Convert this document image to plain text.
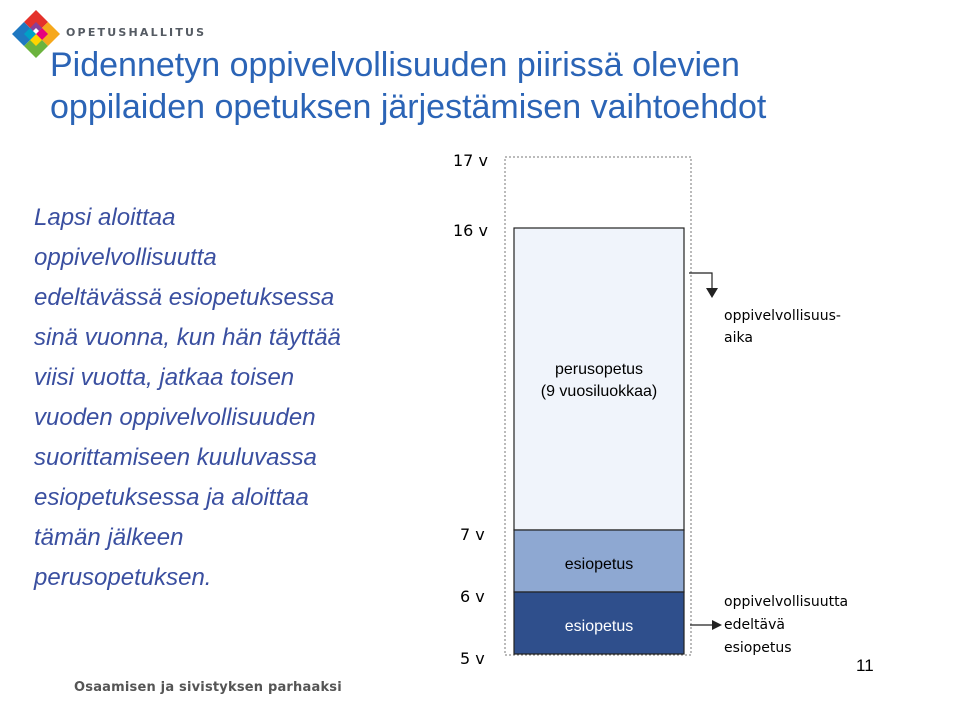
OPETUSHALLITUS
Pidennetyn oppivelvollisuuden piirissä olevien
oppilaiden opetuksen järjestämisen vaihtoehdot
Lapsi aloittaa
oppivelvollisuutta
edeltävässä esiopetuksessa
sinä vuonna, kun hän täyttää
viisi vuotta, jatkaa toisen
vuoden oppivelvollisuuden
suorittamiseen kuuluvassa
esiopetuksessa ja aloittaa
tämän jälkeen
perusopetuksen.
17 v
16 v
7 v
6 v
5 v
perusopetus
(9 vuosiluokkaa)
esiopetus
esiopetus
oppivelvollisuus-
aika
oppivelvollisuutta
edeltävä
esiopetus
Osaamisen ja sivistyksen parhaaksi
11
